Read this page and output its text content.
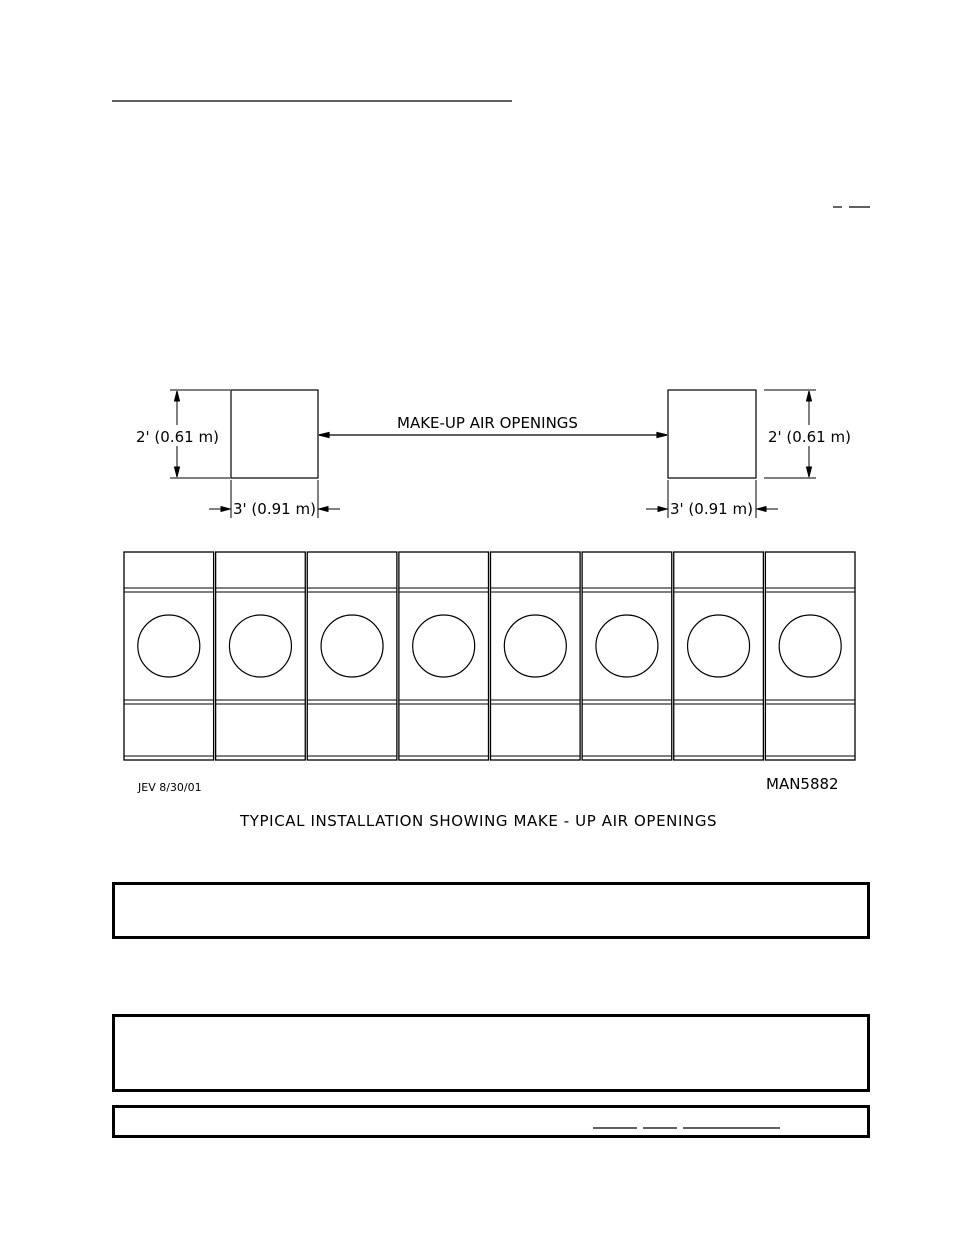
2' (0.61 m)	2' (0.61 m)
MAKE-UP AIR OPENINGS
3' (0.91 m)	3' (0.91 m)
JEV 8/30/01	MAN5882
TYPICAL INSTALLATION SHOWING MAKE - UP AIR OPENINGS
